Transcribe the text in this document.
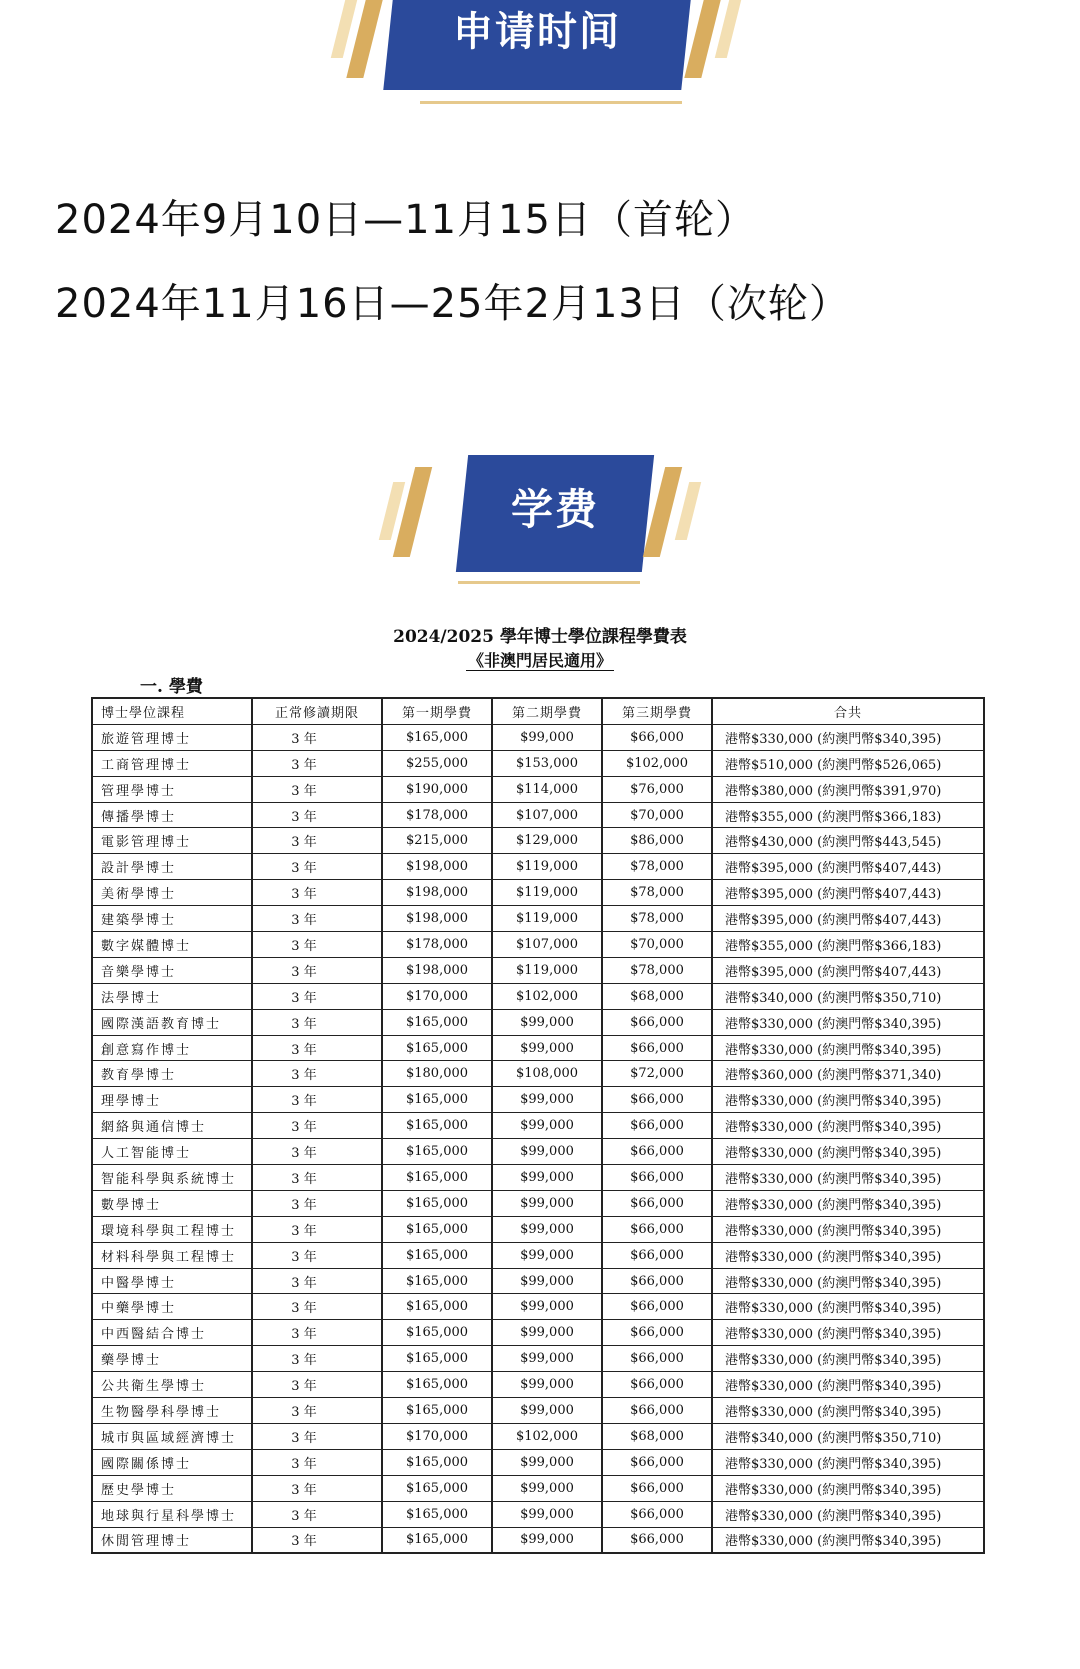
申请时间
2024年9月10日—11月15日（首轮）
2024年11月16日—25年2月13日（次轮）
学费
2024/2025 學年博士學位課程學費表
《非澳門居民適用》
一. 學費
博士學位課程	正常修讀期限	第一期學費	第二期學費	第三期學費	合共
旅遊管理博士	3 年	$165,000	$99,000	$66,000	港幣$330,000 (約澳門幣$340,395)
工商管理博士	3 年	$255,000	$153,000	$102,000	港幣$510,000 (約澳門幣$526,065)
管理學博士	3 年	$190,000	$114,000	$76,000	港幣$380,000 (約澳門幣$391,970)
傳播學博士	3 年	$178,000	$107,000	$70,000	港幣$355,000 (約澳門幣$366,183)
電影管理博士	3 年	$215,000	$129,000	$86,000	港幣$430,000 (約澳門幣$443,545)
設計學博士	3 年	$198,000	$119,000	$78,000	港幣$395,000 (約澳門幣$407,443)
美術學博士	3 年	$198,000	$119,000	$78,000	港幣$395,000 (約澳門幣$407,443)
建築學博士	3 年	$198,000	$119,000	$78,000	港幣$395,000 (約澳門幣$407,443)
數字媒體博士	3 年	$178,000	$107,000	$70,000	港幣$355,000 (約澳門幣$366,183)
音樂學博士	3 年	$198,000	$119,000	$78,000	港幣$395,000 (約澳門幣$407,443)
法學博士	3 年	$170,000	$102,000	$68,000	港幣$340,000 (約澳門幣$350,710)
國際漢語教育博士	3 年	$165,000	$99,000	$66,000	港幣$330,000 (約澳門幣$340,395)
創意寫作博士	3 年	$165,000	$99,000	$66,000	港幣$330,000 (約澳門幣$340,395)
教育學博士	3 年	$180,000	$108,000	$72,000	港幣$360,000 (約澳門幣$371,340)
理學博士	3 年	$165,000	$99,000	$66,000	港幣$330,000 (約澳門幣$340,395)
網絡與通信博士	3 年	$165,000	$99,000	$66,000	港幣$330,000 (約澳門幣$340,395)
人工智能博士	3 年	$165,000	$99,000	$66,000	港幣$330,000 (約澳門幣$340,395)
智能科學與系統博士	3 年	$165,000	$99,000	$66,000	港幣$330,000 (約澳門幣$340,395)
數學博士	3 年	$165,000	$99,000	$66,000	港幣$330,000 (約澳門幣$340,395)
環境科學與工程博士	3 年	$165,000	$99,000	$66,000	港幣$330,000 (約澳門幣$340,395)
材料科學與工程博士	3 年	$165,000	$99,000	$66,000	港幣$330,000 (約澳門幣$340,395)
中醫學博士	3 年	$165,000	$99,000	$66,000	港幣$330,000 (約澳門幣$340,395)
中藥學博士	3 年	$165,000	$99,000	$66,000	港幣$330,000 (約澳門幣$340,395)
中西醫結合博士	3 年	$165,000	$99,000	$66,000	港幣$330,000 (約澳門幣$340,395)
藥學博士	3 年	$165,000	$99,000	$66,000	港幣$330,000 (約澳門幣$340,395)
公共衛生學博士	3 年	$165,000	$99,000	$66,000	港幣$330,000 (約澳門幣$340,395)
生物醫學科學博士	3 年	$165,000	$99,000	$66,000	港幣$330,000 (約澳門幣$340,395)
城市與區域經濟博士	3 年	$170,000	$102,000	$68,000	港幣$340,000 (約澳門幣$350,710)
國際關係博士	3 年	$165,000	$99,000	$66,000	港幣$330,000 (約澳門幣$340,395)
歷史學博士	3 年	$165,000	$99,000	$66,000	港幣$330,000 (約澳門幣$340,395)
地球與行星科學博士	3 年	$165,000	$99,000	$66,000	港幣$330,000 (約澳門幣$340,395)
休閒管理博士	3 年	$165,000	$99,000	$66,000	港幣$330,000 (約澳門幣$340,395)
